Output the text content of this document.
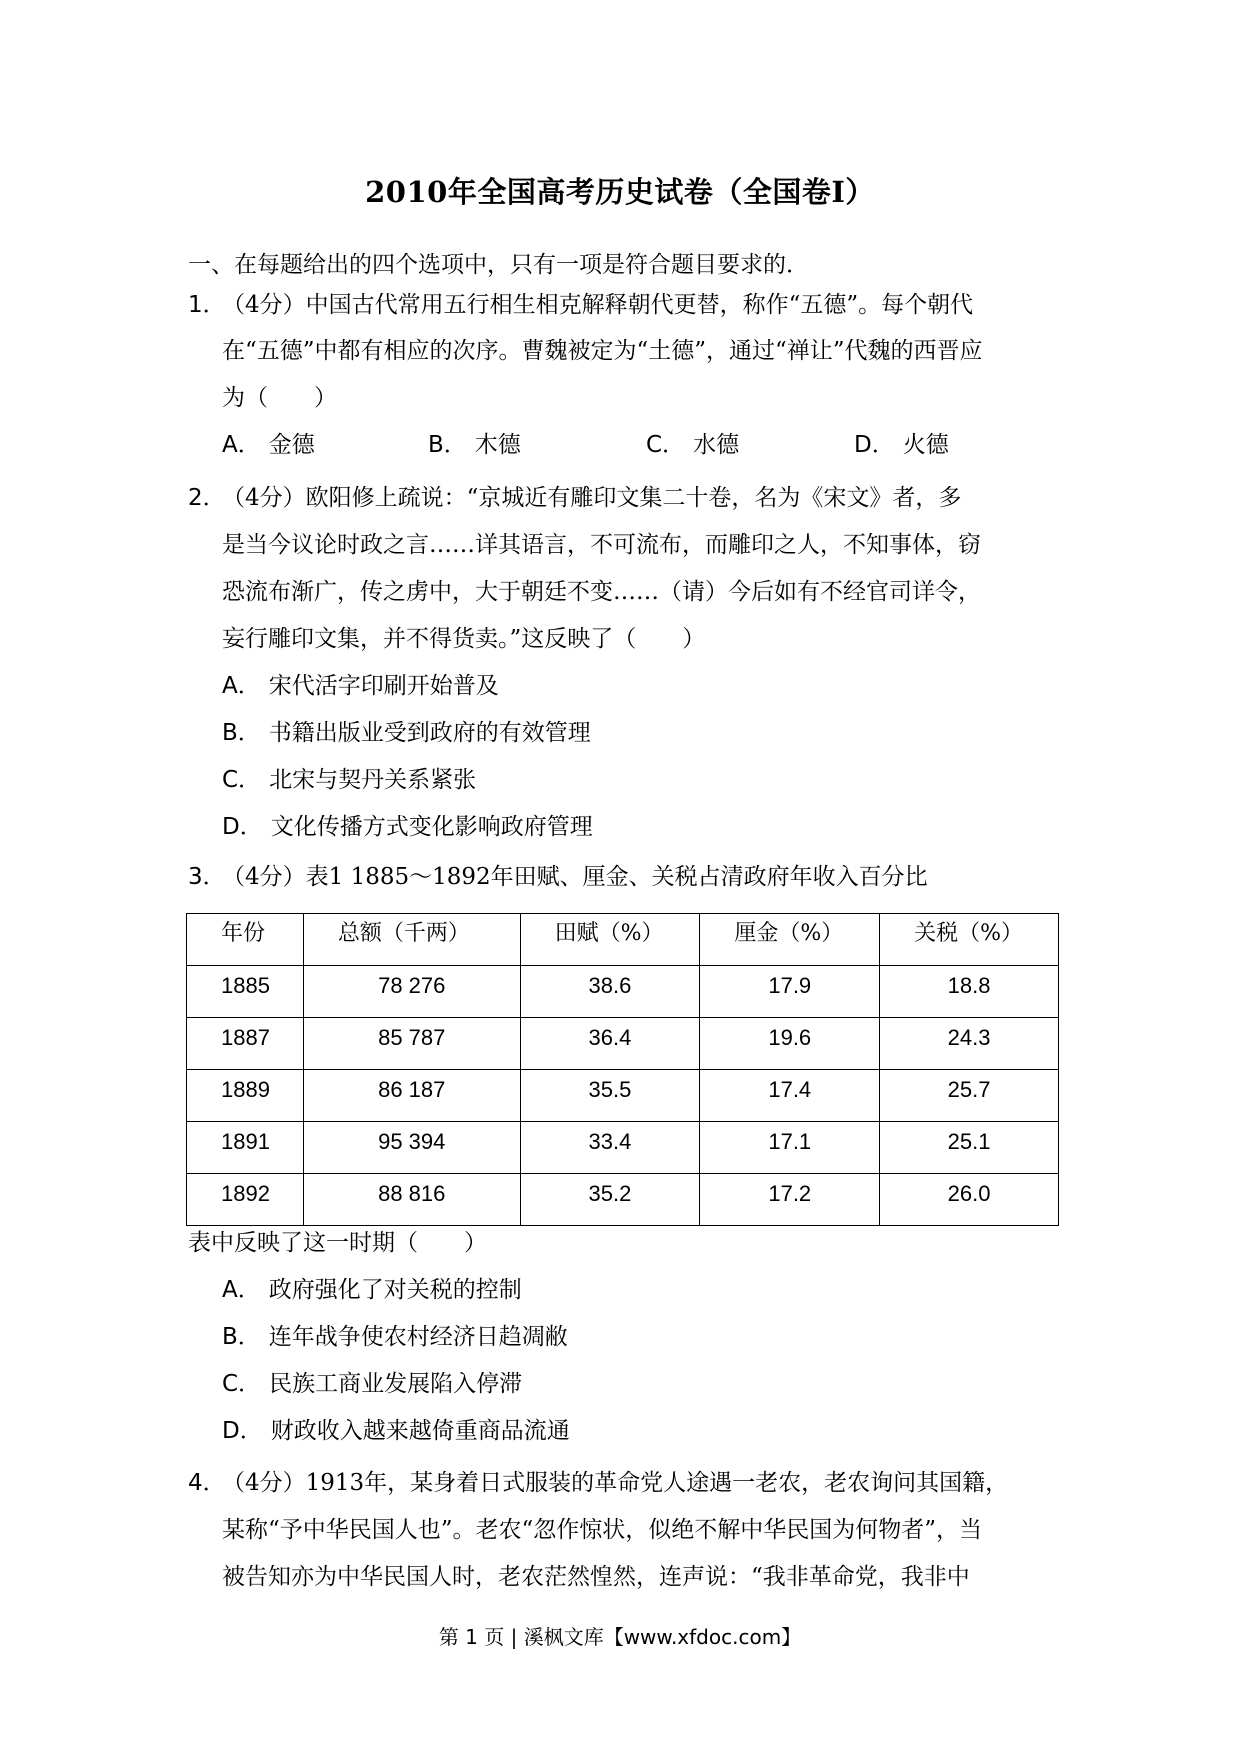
2010年全国高考历史试卷（全国卷Ⅰ）
一、在每题给出的四个选项中，只有一项是符合题目要求的．
1．
（4分）中国古代常用五行相生相克解释朝代更替，称作“五德”。每个朝代
在“五德”中都有相应的次序。曹魏被定为“土德”，通过“禅让”代魏的西晋应
为（　　）
A． 金德	B． 木德	C． 水德	D． 火德
2．
（4分）欧阳修上疏说：“京城近有雕印文集二十卷，名为《宋文》者，多
是当今议论时政之言……详其语言，不可流布，而雕印之人，不知事体，窃
恐流布渐广，传之虏中，大于朝廷不变……（请）今后如有不经官司详令，
妄行雕印文集，并不得货卖。”这反映了（　　）
A． 宋代活字印刷开始普及
B． 书籍出版业受到政府的有效管理
C． 北宋与契丹关系紧张
D． 文化传播方式变化影响政府管理
3．
（4分）表1 1885～1892年田赋、厘金、关税占清政府年收入百分比
年份	总额（千两）	田赋（%）	厘金（%）	关税（%）
1885	78 276	38.6	17.9	18.8
1887	85 787	36.4	19.6	24.3
1889	86 187	35.5	17.4	25.7
1891	95 394	33.4	17.1	25.1
1892	88 816	35.2	17.2	26.0
表中反映了这一时期（　　）
A． 政府强化了对关税的控制
B． 连年战争使农村经济日趋凋敝
C． 民族工商业发展陷入停滞
D． 财政收入越来越倚重商品流通
4．
（4分）1913年，某身着日式服装的革命党人途遇一老农，老农询问其国籍，
某称“予中华民国人也”。老农“忽作惊状，似绝不解中华民国为何物者”，当
被告知亦为中华民国人时，老农茫然惶然，连声说：“我非革命党，我非中
第 1 页 | 溪枫文库【www.xfdoc.com】
